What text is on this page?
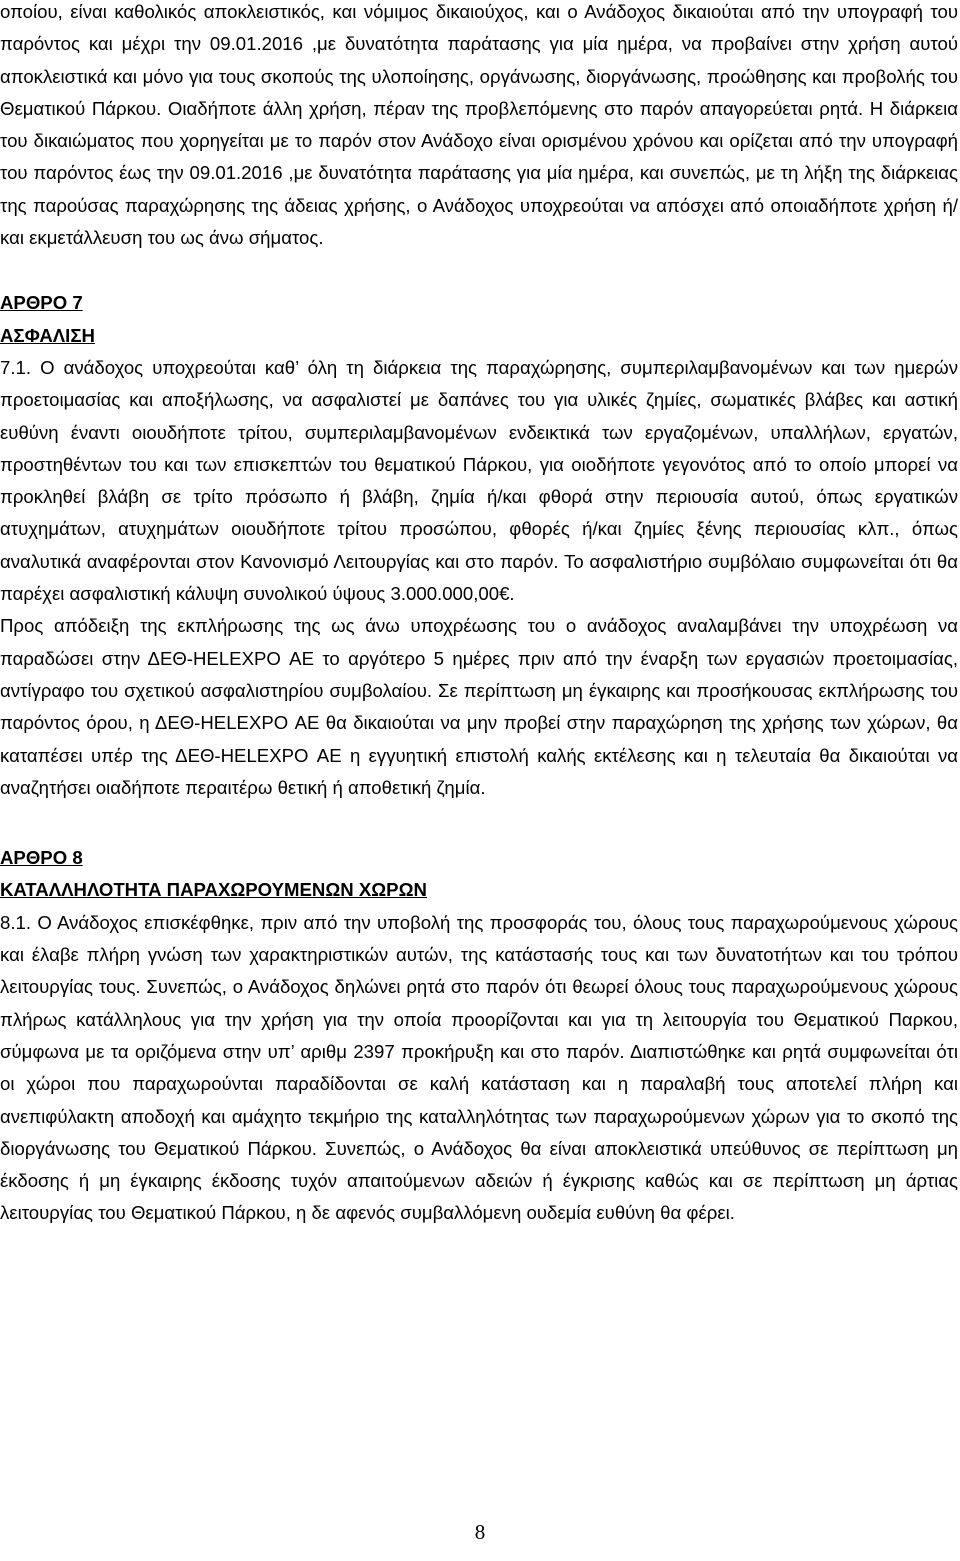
οποίου, είναι καθολικός αποκλειστικός, και νόμιμος δικαιούχος, και ο Ανάδοχος δικαιούται από την υπογραφή του παρόντος και μέχρι την 09.01.2016 ,με δυνατότητα παράτασης για μία ημέρα, να προβαίνει στην χρήση αυτού αποκλειστικά και μόνο για τους σκοπούς της υλοποίησης, οργάνωσης, διοργάνωσης, προώθησης και προβολής του Θεματικού Πάρκου. Οιαδήποτε άλλη χρήση, πέραν της προβλεπόμενης στο παρόν απαγορεύεται ρητά. Η διάρκεια του δικαιώματος που χορηγείται με το παρόν στον Ανάδοχο είναι ορισμένου χρόνου και ορίζεται από την υπογραφή του παρόντος έως την 09.01.2016 ,με δυνατότητα παράτασης για μία ημέρα, και συνεπώς, με τη λήξη της διάρκειας της παρούσας παραχώρησης της άδειας χρήσης, ο Ανάδοχος υποχρεούται να απόσχει από οποιαδήποτε χρήση ή/και εκμετάλλευση του ως άνω σήματος.

ΑΡΘΡΟ 7

ΑΣΦΑΛΙΣΗ

7.1. Ο ανάδοχος υποχρεούται καθ’ όλη τη διάρκεια της παραχώρησης, συμπεριλαμβανομένων και των ημερών προετοιμασίας και αποξήλωσης, να ασφαλιστεί με δαπάνες του για υλικές ζημίες, σωματικές βλάβες και αστική ευθύνη έναντι οιουδήποτε τρίτου, συμπεριλαμβανομένων ενδεικτικά των εργαζομένων, υπαλλήλων, εργατών, προστηθέντων του και των επισκεπτών του θεματικού Πάρκου, για οιοδήποτε γεγονότος από το οποίο μπορεί να προκληθεί βλάβη σε τρίτο πρόσωπο ή βλάβη, ζημία ή/και φθορά στην περιουσία αυτού, όπως εργατικών ατυχημάτων, ατυχημάτων οιουδήποτε τρίτου προσώπου, φθορές ή/και ζημίες ξένης περιουσίας κλπ., όπως αναλυτικά αναφέρονται στον Κανονισμό Λειτουργίας και στο παρόν. Το ασφαλιστήριο συμβόλαιο συμφωνείται ότι θα παρέχει ασφαλιστική κάλυψη συνολικού ύψους 3.000.000,00€.

Προς απόδειξη της εκπλήρωσης της ως άνω υποχρέωσης του ο ανάδοχος αναλαμβάνει την υποχρέωση να παραδώσει στην ΔΕΘ-HELEXPO ΑΕ το αργότερο 5 ημέρες πριν από την έναρξη των εργασιών προετοιμασίας, αντίγραφο του σχετικού ασφαλιστηρίου συμβολαίου. Σε περίπτωση μη έγκαιρης και προσήκουσας εκπλήρωσης του παρόντος όρου, η ΔΕΘ-HELEXPO ΑΕ θα δικαιούται να μην προβεί στην παραχώρηση της χρήσης των χώρων, θα καταπέσει υπέρ της ΔΕΘ-HELEXPO ΑΕ η εγγυητική επιστολή καλής εκτέλεσης και η τελευταία θα δικαιούται να αναζητήσει οιαδήποτε περαιτέρω θετική ή αποθετική ζημία.

ΑΡΘΡΟ 8

ΚΑΤΑΛΛΗΛΟΤΗΤΑ ΠΑΡΑΧΩΡΟΥΜΕΝΩΝ ΧΩΡΩΝ

8.1. Ο Ανάδοχος επισκέφθηκε, πριν από την υποβολή της προσφοράς του, όλους τους παραχωρούμενους χώρους και έλαβε πλήρη γνώση των χαρακτηριστικών αυτών, της κατάστασής τους και των δυνατοτήτων και του τρόπου λειτουργίας τους. Συνεπώς, ο Ανάδοχος δηλώνει ρητά στο παρόν ότι θεωρεί όλους τους παραχωρούμενους χώρους πλήρως κατάλληλους για την χρήση για την οποία προορίζονται και για τη λειτουργία του Θεματικού Παρκου, σύμφωνα με τα οριζόμενα στην υπ’ αριθμ 2397 προκήρυξη και στο παρόν. Διαπιστώθηκε και ρητά συμφωνείται ότι οι χώροι που παραχωρούνται παραδίδονται σε καλή κατάσταση και η παραλαβή τους αποτελεί πλήρη και ανεπιφύλακτη αποδοχή και αμάχητο τεκμήριο της καταλληλότητας των παραχωρούμενων χώρων για το σκοπό της διοργάνωσης του Θεματικού Πάρκου. Συνεπώς, ο Ανάδοχος θα είναι αποκλειστικά υπεύθυνος σε περίπτωση μη έκδοσης ή μη έγκαιρης έκδοσης τυχόν απαιτούμενων αδειών ή έγκρισης καθώς και σε περίπτωση μη άρτιας λειτουργίας του Θεματικού Πάρκου, η δε αφενός συμβαλλόμενη ουδεμία ευθύνη θα φέρει.

8
